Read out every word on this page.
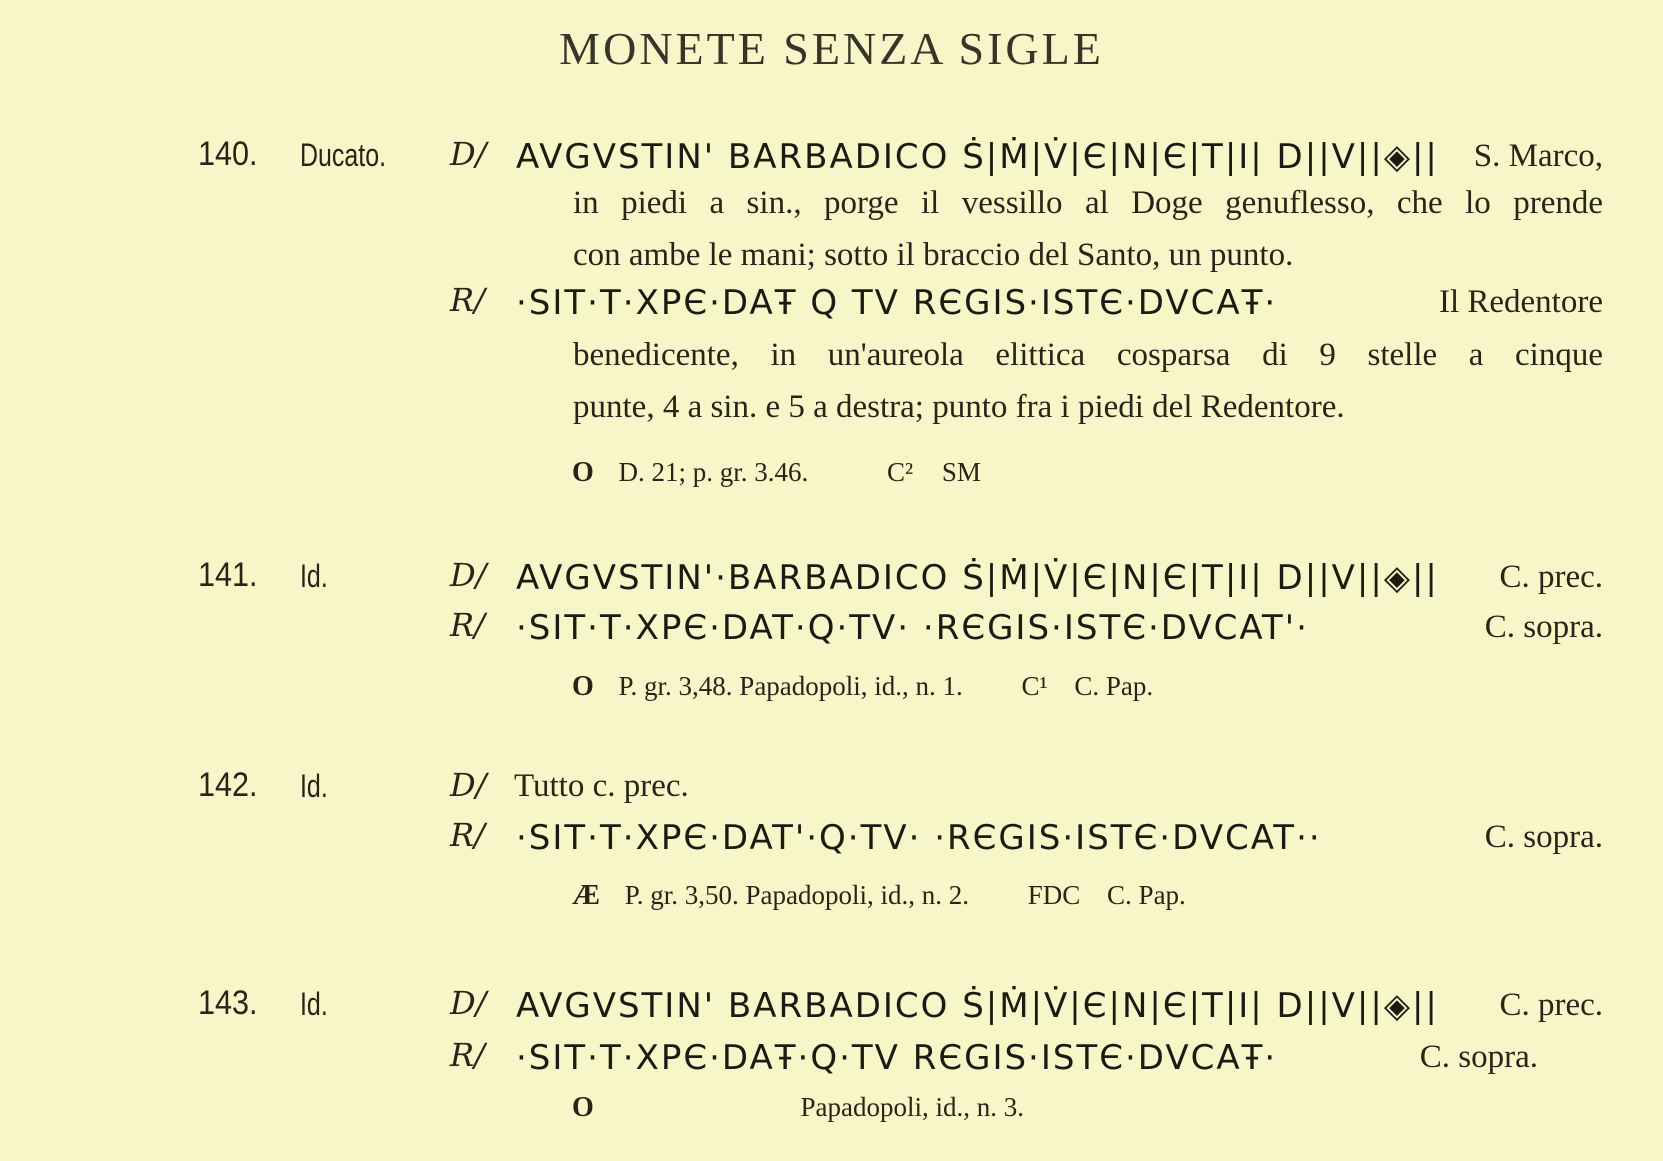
MONETE SENZA SIGLE
140. Ducato. D/ AVGVSTIN' BARBADICO Ṡ|Ṁ|V̇|Є|N|Є|T|I| D||V||◈|| S. Marco,
in piedi a sin., porge il vessillo al Doge genuflesso, che lo prende
con ambe le mani; sotto il braccio del Santo, un punto.
R/ ·SIT·T·XPЄ·DAŦ Q TV RЄGIS·ISTЄ·DVCAŦ·	Il Redentore
benedicente, in un'aureola elittica cosparsa di 9 stelle a cinque
punte, 4 a sin. e 5 a destra; punto fra i piedi del Redentore.
O D. 21; p. gr. 3.46.	C² SM
141. Id.	D/ AVGVSTIN'·BARBADICO Ṡ|Ṁ|V̇|Є|N|Є|T|I| D||V||◈|| C. prec.
R/ ·SIT·T·XPЄ·DAT·Q·TV· ·RЄGIS·ISTЄ·DVCAT'·	C. sopra.
O P. gr. 3,48. Papadopoli, id., n. 1. C¹ C. Pap.
142. Id.	D/ Tutto c. prec.
R/ ·SIT·T·XPЄ·DAT'·Q·TV· ·RЄGIS·ISTЄ·DVCAT··	C. sopra.
Æ P. gr. 3,50. Papadopoli, id., n. 2. FDC C. Pap.
143. Id.	D/ AVGVSTIN' BARBADICO Ṡ|Ṁ|V̇|Є|N|Є|T|I| D||V||◈|| C. prec.
R/ ·SIT·T·XPЄ·DAŦ·Q·TV RЄGIS·ISTЄ·DVCAŦ·	C. sopra.
O	Papadopoli, id., n. 3.
